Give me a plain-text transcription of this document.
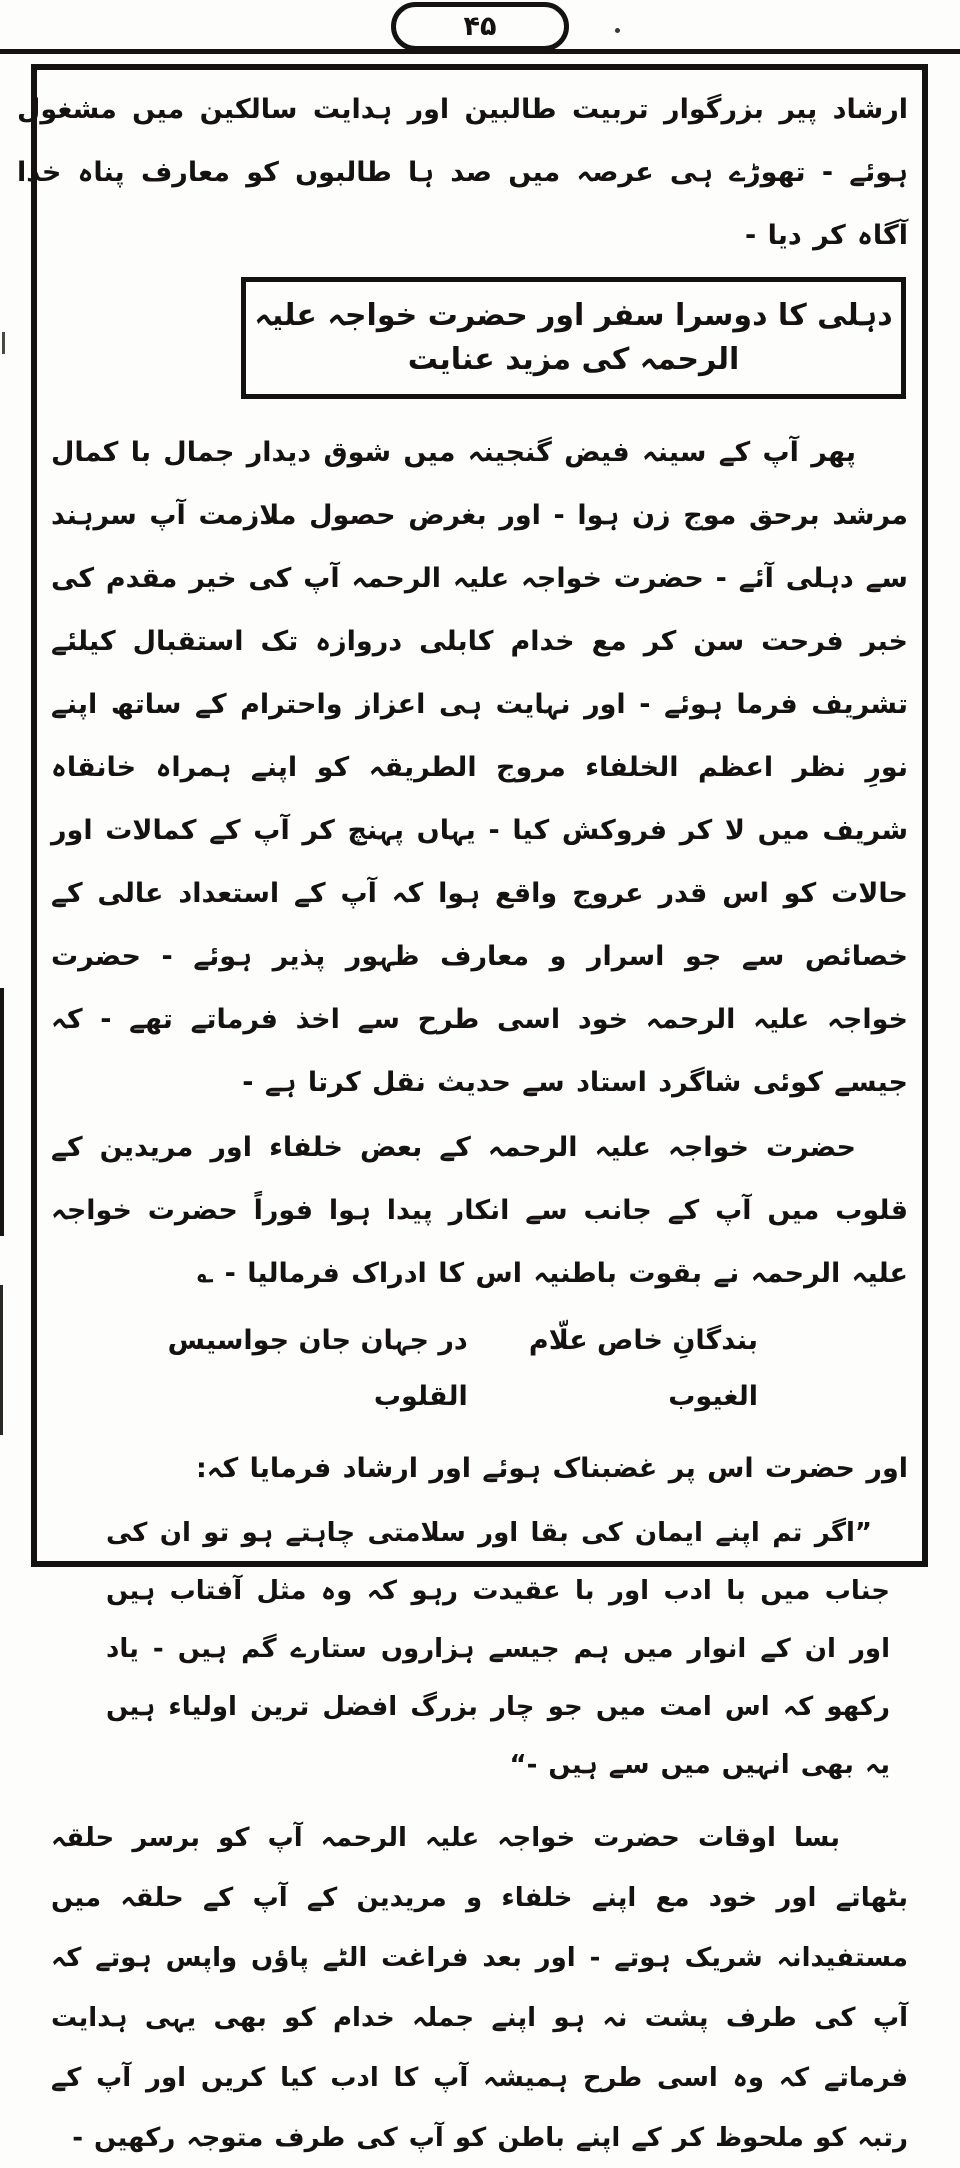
۴۵

ارشاد پیر بزرگوار تربیت طالبین اور ہدایت سالکین میں مشغول ہوئے - تھوڑے ہی عرصہ میں صد ہا طالبوں کو معارف پناہ خدا آگاہ کر دیا -

دہلی کا دوسرا سفر اور حضرت خواجہ علیہ الرحمہ کی مزید عنایت

پھر آپ کے سینہ فیض گنجینہ میں شوق دیدار جمال با کمال مرشد برحق موج زن ہوا - اور بغرض حصول ملازمت آپ سرہند سے دہلی آئے - حضرت خواجہ علیہ الرحمہ آپ کی خیر مقدم کی خبر فرحت سن کر مع خدام کابلی دروازہ تک استقبال کیلئے تشریف فرما ہوئے - اور نہایت ہی اعزاز واحترام کے ساتھ اپنے نورِ نظر اعظم الخلفاء مروج الطریقہ کو اپنے ہمراہ خانقاہ شریف میں لا کر فروکش کیا - یہاں پہنچ کر آپ کے کمالات اور حالات کو اس قدر عروج واقع ہوا کہ آپ کے استعداد عالی کے خصائص سے جو اسرار و معارف ظہور پذیر ہوئے - حضرت خواجہ علیہ الرحمہ خود اسی طرح سے اخذ فرماتے تھے - کہ جیسے کوئی شاگرد استاد سے حدیث نقل کرتا ہے -

حضرت خواجہ علیہ الرحمہ کے بعض خلفاء اور مریدین کے قلوب میں آپ کے جانب سے انکار پیدا ہوا فوراً حضرت خواجہ علیہ الرحمہ نے بقوت باطنیہ اس کا ادراک فرمالیا - ؎

بندگانِ خاص علّام الغیوب
در جہان جان جواسیس القلوب

اور حضرت اس پر غضبناک ہوئے اور ارشاد فرمایا کہ:

”اگر تم اپنے ایمان کی بقا اور سلامتی چاہتے ہو تو ان کی جناب میں با ادب اور با عقیدت رہو کہ وہ مثل آفتاب ہیں اور ان کے انوار میں ہم جیسے ہزاروں ستارے گم ہیں - یاد رکھو کہ اس امت میں جو چار بزرگ افضل ترین اولیاء ہیں یہ بھی انہیں میں سے ہیں -“

بسا اوقات حضرت خواجہ علیہ الرحمہ آپ کو برسر حلقہ بٹھاتے اور خود مع اپنے خلفاء و مریدین کے آپ کے حلقہ میں مستفیدانہ شریک ہوتے - اور بعد فراغت الٹے پاؤں واپس ہوتے کہ آپ کی طرف پشت نہ ہو اپنے جملہ خدام کو بھی یہی ہدایت فرماتے کہ وہ اسی طرح ہمیشہ آپ کا ادب کیا کریں اور آپ کے رتبہ کو ملحوظ کر کے اپنے باطن کو آپ کی طرف متوجہ رکھیں -
